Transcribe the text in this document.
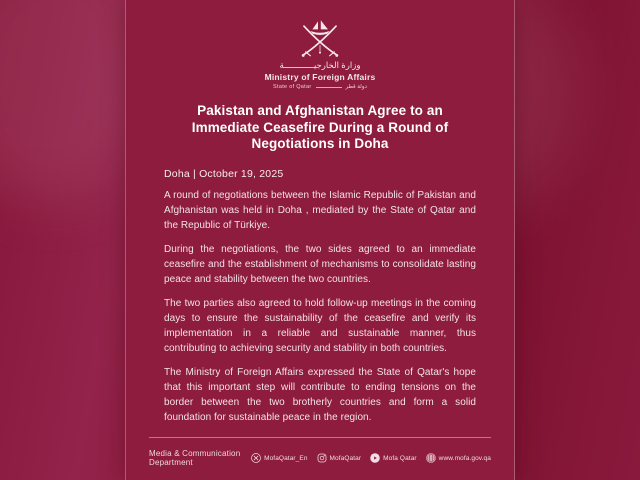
وزارة الخارجيــــــــــــة
Ministry of Foreign Affairs
State of Qatar	دولة قطر
Pakistan and Afghanistan Agree to an Immediate Ceasefire During a Round of Negotiations in Doha
Doha | October 19, 2025

A round of negotiations between the Islamic Republic of Pakistan and Afghanistan was held in Doha , mediated by the State of Qatar and the Republic of Türkiye.

During the negotiations, the two sides agreed to an immediate ceasefire and the establishment of mechanisms to consolidate lasting peace and stability between the two countries.

The two parties also agreed to hold follow-up meetings in the coming days to ensure the sustainability of the ceasefire and verify its implementation in a reliable and sustainable manner, thus contributing to achieving security and stability in both countries.

The Ministry of Foreign Affairs expressed the State of Qatar's hope that this important step will contribute to ending tensions on the border between the two brotherly countries and form a solid foundation for sustainable peace in the region.

Media & Communication Department	MofaQatar_En	MofaQatar	Mofa Qatar	www.mofa.gov.qa
